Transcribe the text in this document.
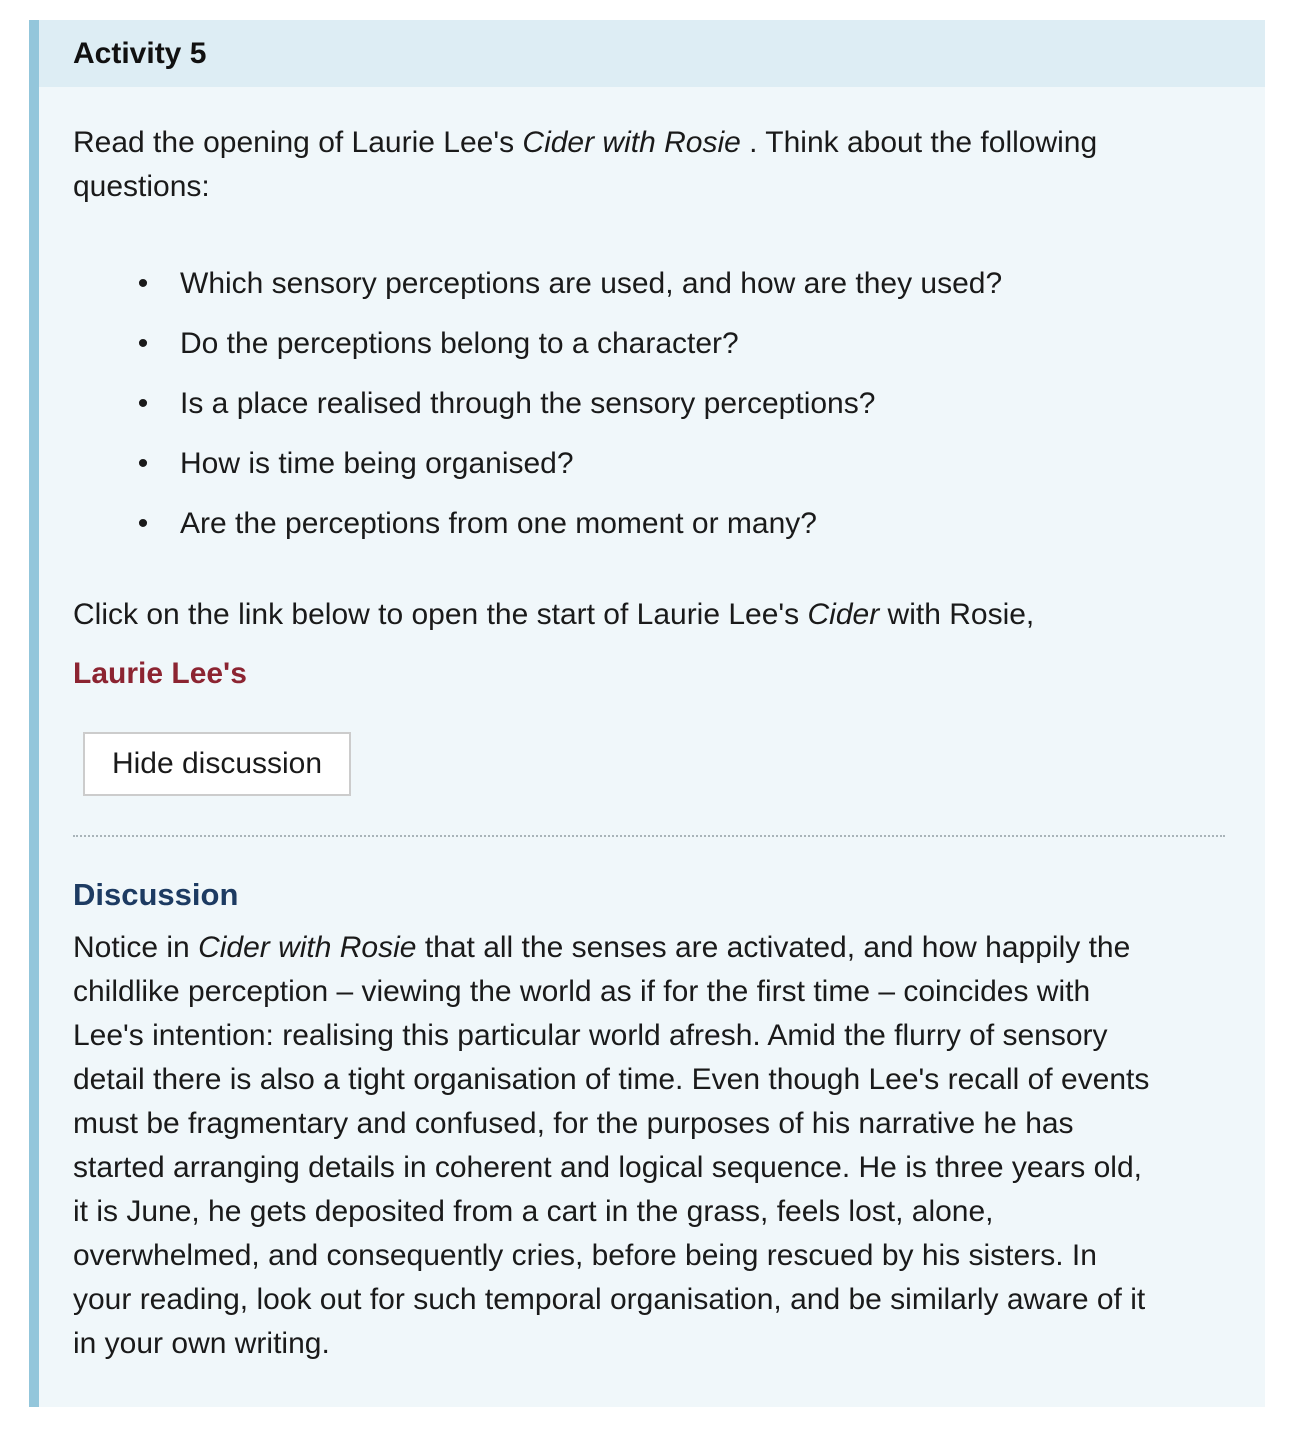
Activity 5

Read the opening of Laurie Lee's Cider with Rosie . Think about the following
questions:

• Which sensory perceptions are used, and how are they used?
• Do the perceptions belong to a character?
• Is a place realised through the sensory perceptions?
• How is time being organised?
• Are the perceptions from one moment or many?

Click on the link below to open the start of Laurie Lee's Cider with Rosie,

Laurie Lee's
Hide discussion
Discussion

Notice in Cider with Rosie that all the senses are activated, and how happily the
childlike perception – viewing the world as if for the first time – coincides with
Lee's intention: realising this particular world afresh. Amid the flurry of sensory
detail there is also a tight organisation of time. Even though Lee's recall of events
must be fragmentary and confused, for the purposes of his narrative he has
started arranging details in coherent and logical sequence. He is three years old,
it is June, he gets deposited from a cart in the grass, feels lost, alone,
overwhelmed, and consequently cries, before being rescued by his sisters. In
your reading, look out for such temporal organisation, and be similarly aware of it
in your own writing.
